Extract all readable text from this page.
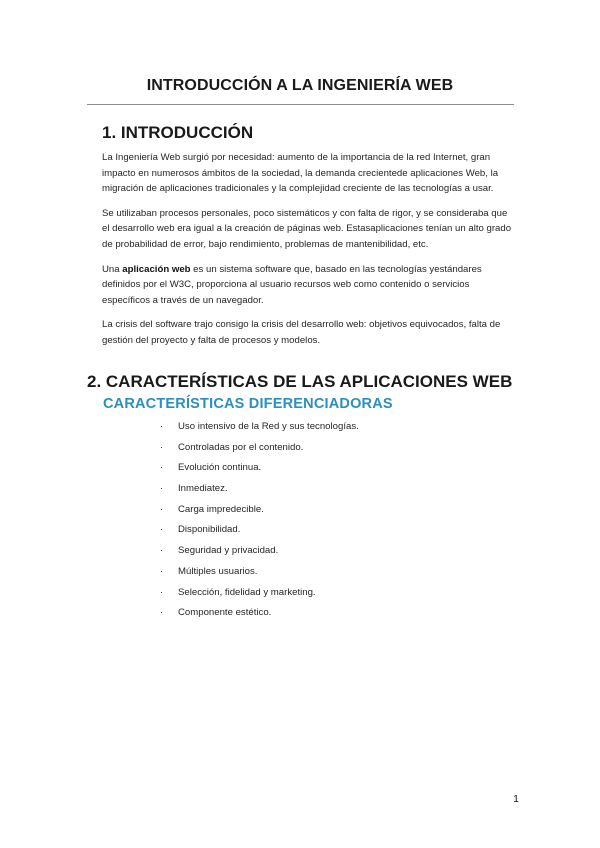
INTRODUCCIÓN A LA INGENIERÍA WEB
1. INTRODUCCIÓN

La Ingeniería Web surgió por necesidad: aumento de la importancia de la red Internet, gran impacto en numerosos ámbitos de la sociedad, la demanda crecientede aplicaciones Web, la migración de aplicaciones tradicionales y la complejidad creciente de las tecnologías a usar.

Se utilizaban procesos personales, poco sistemáticos y con falta de rigor, y se consideraba que el desarrollo web era igual a la creación de páginas web. Estasaplicaciones tenían un alto grado de probabilidad de error, bajo rendimiento, problemas de mantenibilidad, etc.

Una aplicación web es un sistema software que, basado en las tecnologías yestándares definidos por el W3C, proporciona al usuario recursos web como contenido o servicios específicos a través de un navegador.

La crisis del software trajo consigo la crisis del desarrollo web: objetivos equivocados, falta de gestión del proyecto y falta de procesos y modelos.

2. CARACTERÍSTICAS DE LAS APLICACIONES WEB
CARACTERÍSTICAS DIFERENCIADORAS
· Uso intensivo de la Red y sus tecnologías.
· Controladas por el contenido.
· Evolución continua.
· Inmediatez.
· Carga impredecible.
· Disponibilidad.
· Seguridad y privacidad.
· Múltiples usuarios.
· Selección, fidelidad y marketing.
· Componente estético.
1
